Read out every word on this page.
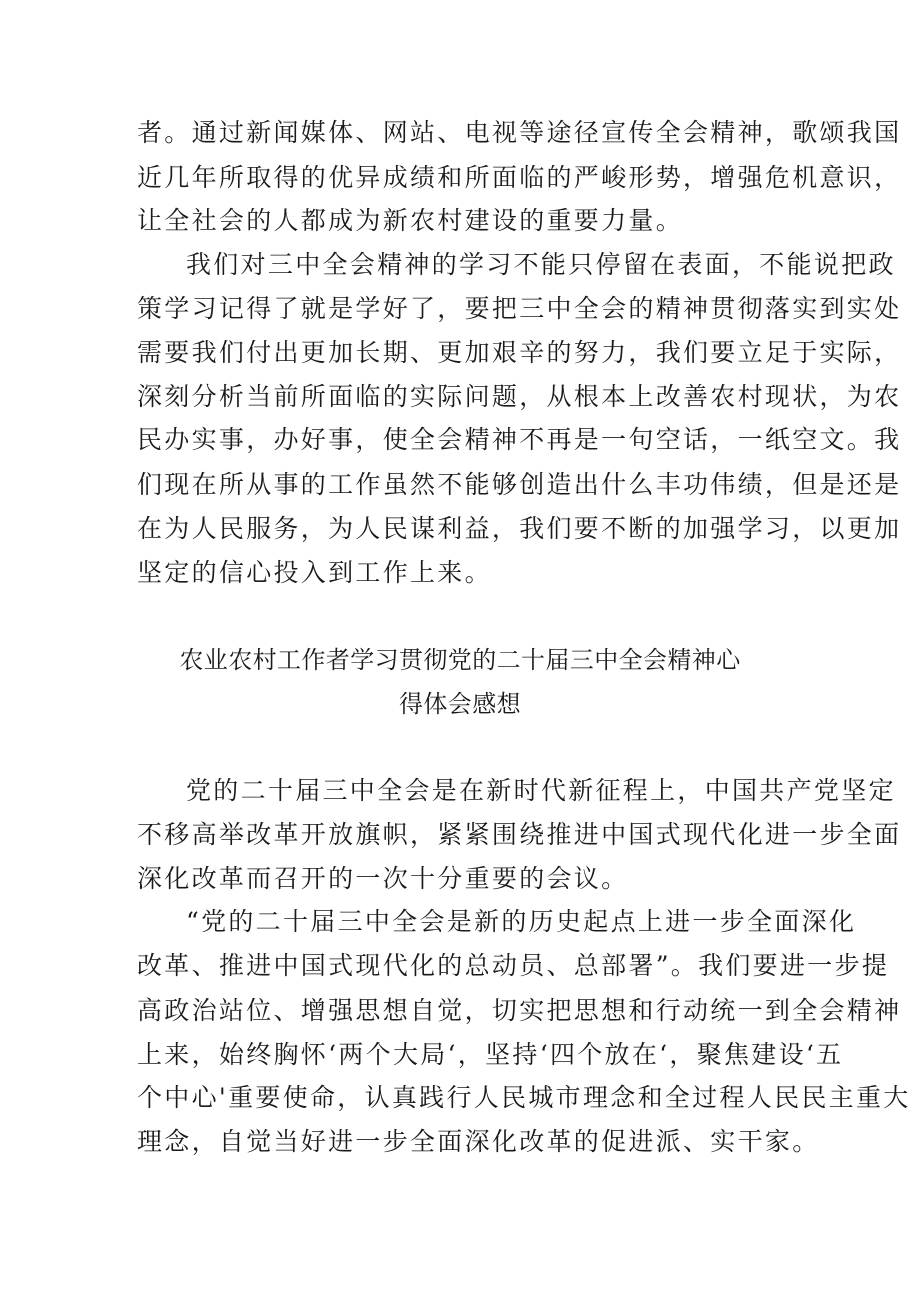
者。通过新闻媒体、网站、电视等途径宣传全会精神，歌颂我国
近几年所取得的优异成绩和所面临的严峻形势，增强危机意识，
让全社会的人都成为新农村建设的重要力量。
我们对三中全会精神的学习不能只停留在表面，不能说把政
策学习记得了就是学好了，要把三中全会的精神贯彻落实到实处
需要我们付出更加长期、更加艰辛的努力，我们要立足于实际，
深刻分析当前所面临的实际问题，从根本上改善农村现状，为农
民办实事，办好事，使全会精神不再是一句空话，一纸空文。我
们现在所从事的工作虽然不能够创造出什么丰功伟绩，但是还是
在为人民服务，为人民谋利益，我们要不断的加强学习，以更加
坚定的信心投入到工作上来。
农业农村工作者学习贯彻党的二十届三中全会精神心
得体会感想
党的二十届三中全会是在新时代新征程上，中国共产党坚定
不移高举改革开放旗帜，紧紧围绕推进中国式现代化进一步全面
深化改革而召开的一次十分重要的会议。
“党的二十届三中全会是新的历史起点上进一步全面深化
改革、推进中国式现代化的总动员、总部署”。我们要进一步提
高政治站位、增强思想自觉，切实把思想和行动统一到全会精神
上来，始终胸怀‘两个大局‘，坚持‘四个放在‘，聚焦建设‘五
个中心'重要使命，认真践行人民城市理念和全过程人民民主重大
理念，自觉当好进一步全面深化改革的促进派、实干家。
